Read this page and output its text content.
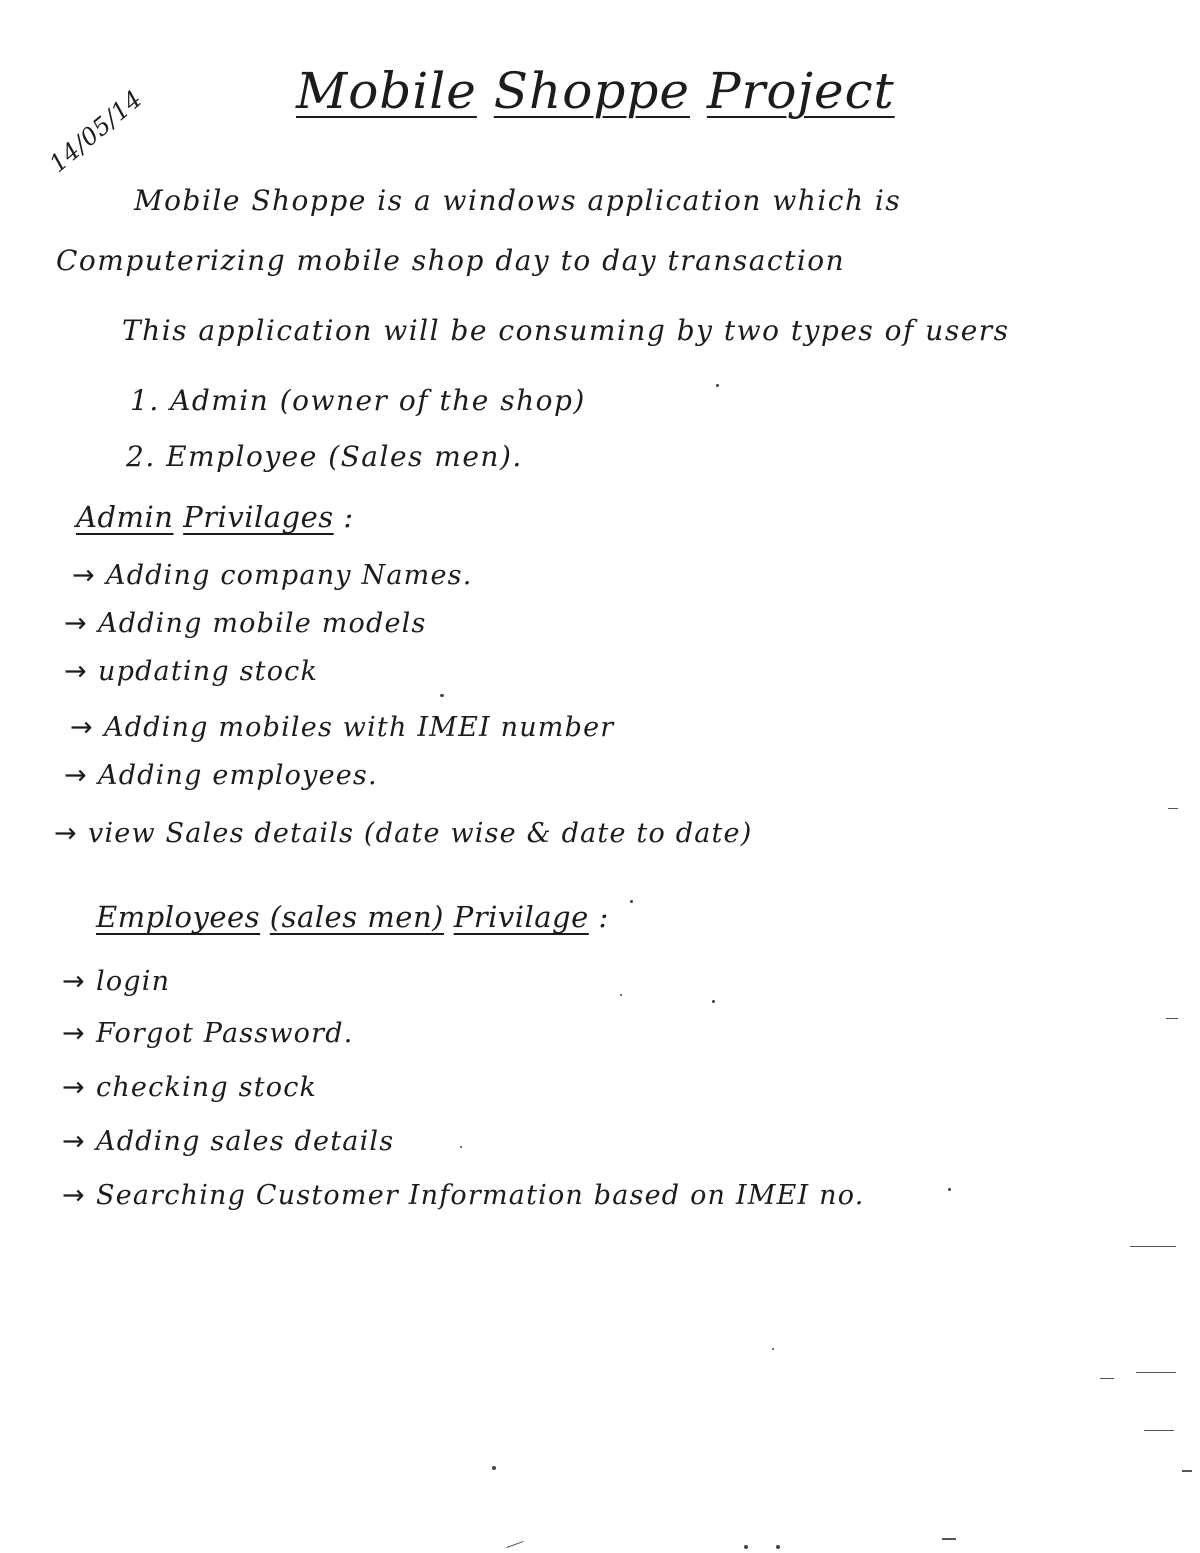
14/05/14	Mobile Shoppe Project
Mobile Shoppe is a windows application which is
Computerizing mobile shop day to day transaction
This application will be consuming by two types of users
1. Admin (owner of the shop)
2. Employee (Sales men).
Admin Privilages :
→ Adding company Names.
→ Adding mobile models
→ updating stock
→ Adding mobiles with IMEI number
→ Adding employees.
→ view Sales details (date wise & date to date)
Employees (sales men) Privilage :
→ login
→ Forgot Password.
→ checking stock
→ Adding sales details
→ Searching Customer Information based on IMEI no.
